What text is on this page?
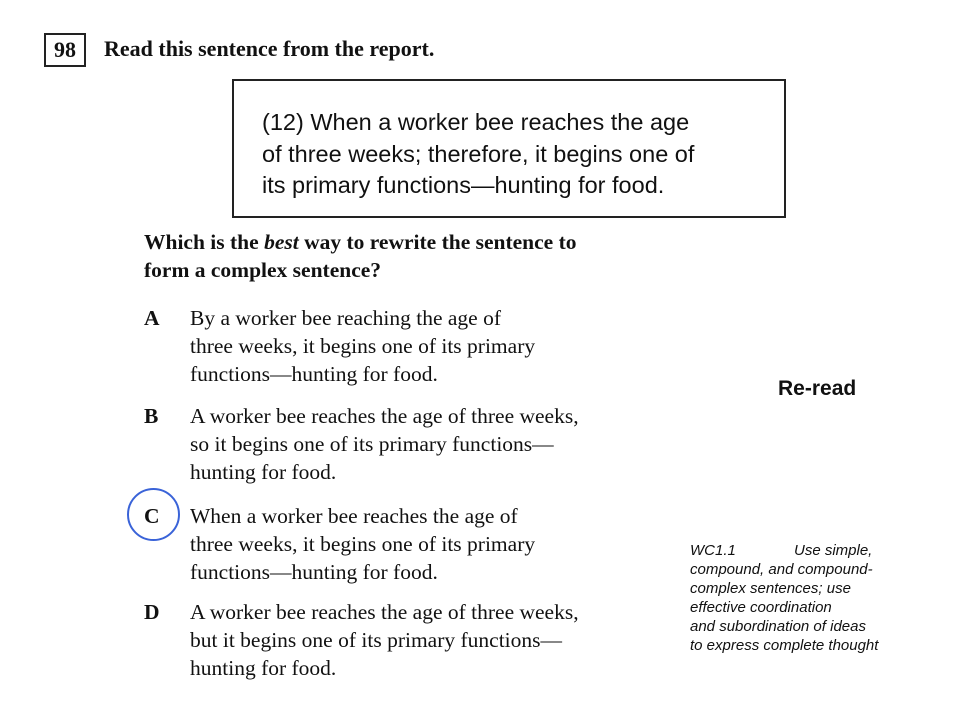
98	Read this sentence from the report.
(12) When a worker bee reaches the age
of three weeks; therefore, it begins one of
its primary functions—hunting for food.
Which is the best way to rewrite the sentence to
form a complex sentence?
A	By a worker bee reaching the age of
three weeks, it begins one of its primary
functions—hunting for food.
B	A worker bee reaches the age of three weeks,
so it begins one of its primary functions—
hunting for food.
C	When a worker bee reaches the age of
three weeks, it begins one of its primary
functions—hunting for food.
D	A worker bee reaches the age of three weeks,
but it begins one of its primary functions—
hunting for food.
Re-read
WC1.1	Use simple,
compound, and compound-
complex sentences; use
effective coordination
and subordination of ideas
to express complete thought
